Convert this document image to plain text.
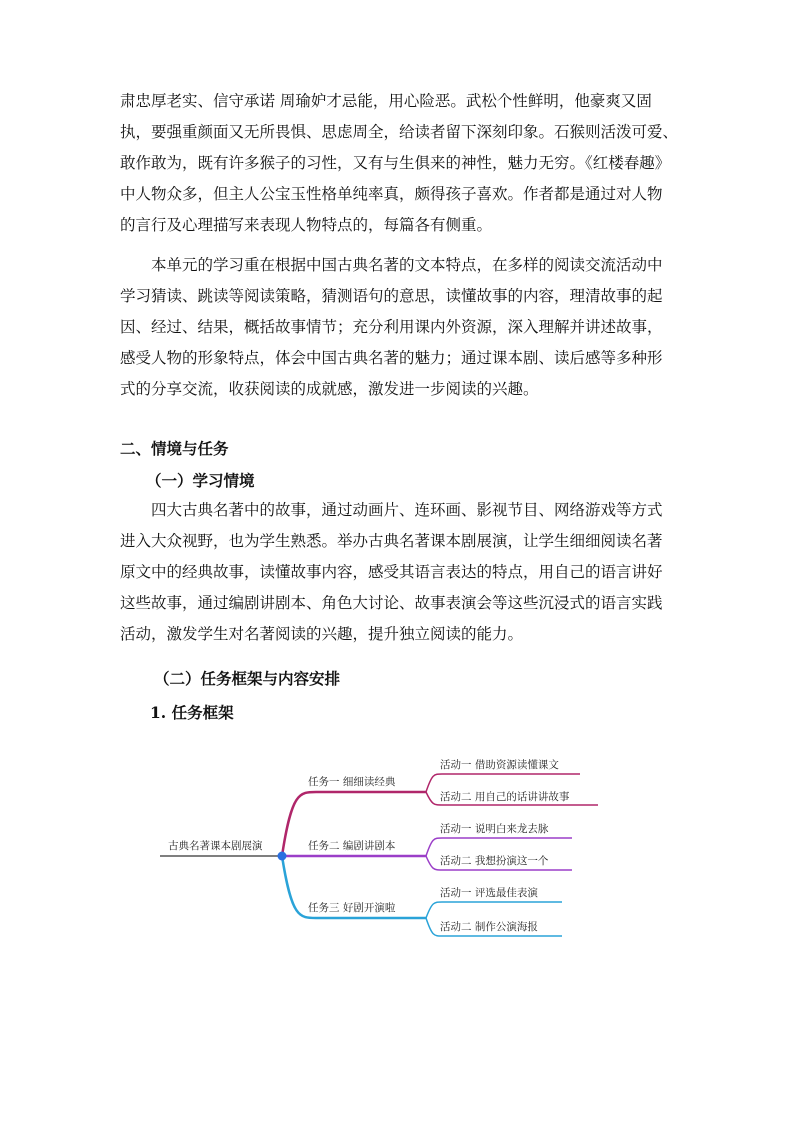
肃忠厚老实、信守承诺 周瑜妒才忌能，用心险恶。武松个性鲜明，他豪爽又固
执，要强重颜面又无所畏惧、思虑周全，给读者留下深刻印象。石猴则活泼可爱、
敢作敢为，既有许多猴子的习性，又有与生俱来的神性，魅力无穷。《红楼春趣》
中人物众多，但主人公宝玉性格单纯率真，颇得孩子喜欢。作者都是通过对人物
的言行及心理描写来表现人物特点的，每篇各有侧重。
本单元的学习重在根据中国古典名著的文本特点，在多样的阅读交流活动中
学习猜读、跳读等阅读策略，猜测语句的意思，读懂故事的内容，理清故事的起
因、经过、结果，概括故事情节；充分利用课内外资源，深入理解并讲述故事，
感受人物的形象特点，体会中国古典名著的魅力；通过课本剧、读后感等多种形
式的分享交流，收获阅读的成就感，激发进一步阅读的兴趣。
二、情境与任务
（一）学习情境
四大古典名著中的故事，通过动画片、连环画、影视节目、网络游戏等方式
进入大众视野，也为学生熟悉。举办古典名著课本剧展演，让学生细细阅读名著
原文中的经典故事，读懂故事内容，感受其语言表达的特点，用自己的语言讲好
这些故事，通过编剧讲剧本、角色大讨论、故事表演会等这些沉浸式的语言实践
活动，激发学生对名著阅读的兴趣，提升独立阅读的能力。
（二）任务框架与内容安排
1. 任务框架
古典名著课本剧展演
任务一 细细读经典
任务二 编剧讲剧本
任务三 好剧开演啦
活动一 借助资源读懂课文
活动二 用自己的话讲讲故事
活动一 说明白来龙去脉
活动二 我想扮演这一个
活动一 评选最佳表演
活动二 制作公演海报
